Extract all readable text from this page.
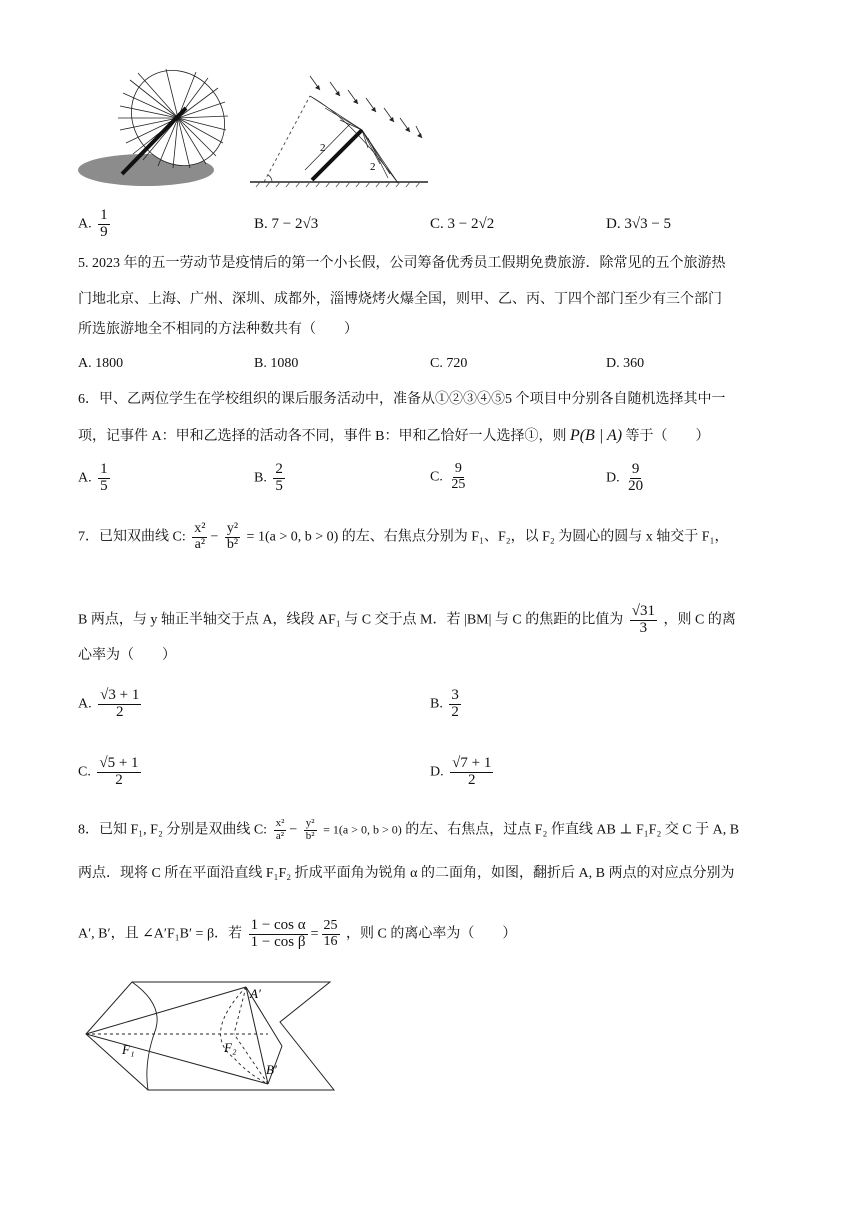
2
2
A. $\frac{1}{9}$	B. 7 − 2√3	C. 3 − 2√2	D. 3√3 − 5
5. 2023 年的五一劳动节是疫情后的第一个小长假，公司筹备优秀员工假期免费旅游．除常见的五个旅游热
门地北京、上海、广州、深圳、成都外，淄博烧烤火爆全国，则甲、乙、丙、丁四个部门至少有三个部门
所选旅游地全不相同的方法种数共有（　　）
A. 1800	B. 1080	C. 720	D. 360
6．甲、乙两位学生在学校组织的课后服务活动中，准备从①②③④⑤5 个项目中分别各自随机选择其中一
项，记事件 A：甲和乙选择的活动各不同，事件 B：甲和乙恰好一人选择①，则 P(B | A) 等于（　　）
A. $\frac{1}{5}$	B. $\frac{2}{5}$	C. $\frac{9}{25}$	D. $\frac{9}{20}$
7．已知双曲线 C: $\frac{\text{x²}}{\text{a²}} - \frac{\text{y²}}{\text{b²}} = 1(a > 0$, b > 0) 的左、右焦点分别为 F₁、F₂，以 F₂ 为圆心的圆与 x 轴交于 F₁，
B 两点，与 y 轴正半轴交于点 A，线段 AF₁ 与 C 交于点 M．若 |BM| 与 C 的焦距的比值为 $\frac{√31}{3}$ ，则 C 的离
心率为（　　）
A. $\frac{√3 + 1}{2}$	B. $\frac{3}{2}$
C. $\frac{√5 + 1}{2}$	D. $\frac{√7 + 1}{2}$
8．已知 F₁, F₂ 分别是双曲线 C: $\frac{\text{x²}}{\text{a²}} - \frac{\text{y²}}{\text{b²}} = 1(a > 0$, b > 0) 的左、右焦点，过点 F₂ 作直线 AB ⊥ F₁F₂ 交 C 于 A, B
两点．现将 C 所在平面沿直线 F₁F₂ 折成平面角为锐角 α 的二面角，如图，翻折后 A, B 两点的对应点分别为
A′, B′，且 ∠A′F₁B′ = β．若 $\frac{\text{1 − cos α}}{\text{1 − cos β}} = \frac{25}{16}$ ，则 C 的离心率为（　　）
A′
B′
F₁	F₂
